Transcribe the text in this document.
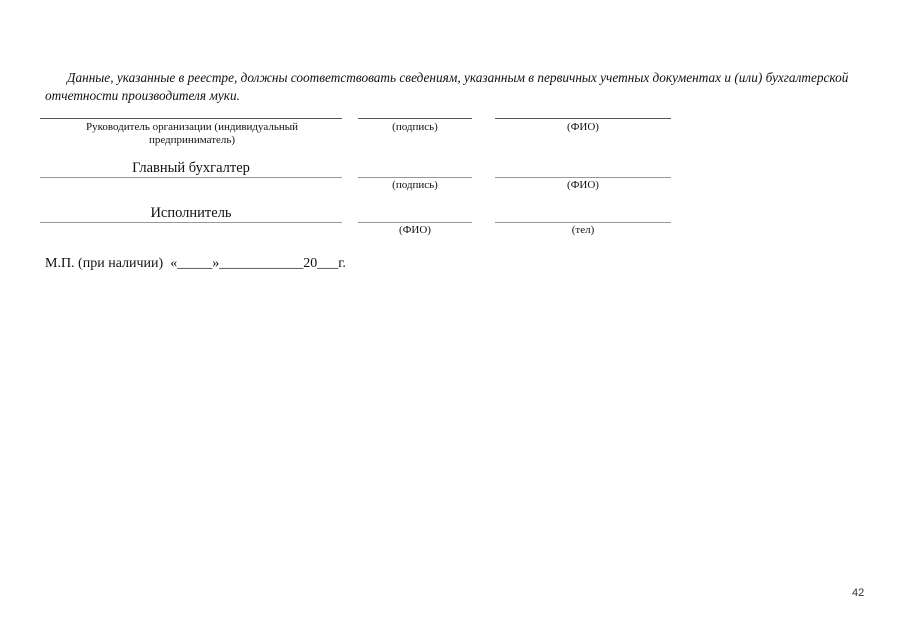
Данные, указанные в реестре, должны соответствовать сведениям, указанным в первичных учетных документах и (или) бухгалтерской отчетности производителя муки.
Руководитель организации (индивидуальный предприниматель)
(подпись)	(ФИО)
Главный бухгалтер
(подпись)	(ФИО)
Исполнитель
(ФИО)	(тел)
М.П. (при наличии)  «_____»____________20___г.
42
